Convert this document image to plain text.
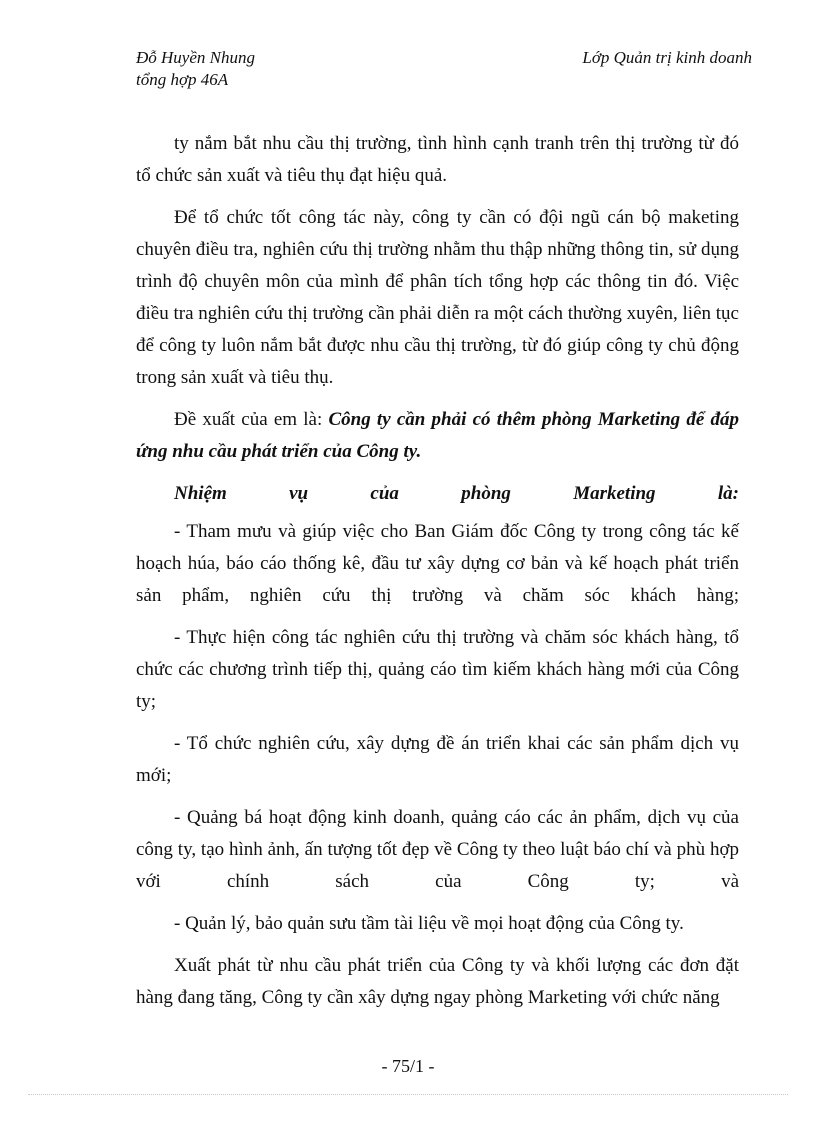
Đỗ Huyền Nhung
tổng hợp 46A
Lớp Quản trị kinh doanh

ty nắm bắt nhu cầu thị trường, tình hình cạnh tranh trên thị trường từ đó tổ chức sản xuất và tiêu thụ đạt hiệu quả.

Để tổ chức tốt công tác này, công ty cần có đội ngũ cán bộ maketing chuyên điều tra, nghiên cứu thị trường nhằm thu thập những thông tin, sử dụng trình độ chuyên môn của mình để phân tích tổng hợp các thông tin đó. Việc điều tra nghiên cứu thị trường cần phải diễn ra một cách thường xuyên, liên tục để công ty luôn nắm bắt được nhu cầu thị trường, từ đó giúp công ty chủ động trong sản xuất và tiêu thụ.

Đề xuất của em là: Công ty cần phải có thêm phòng Marketing để đáp ứng nhu cầu phát triển của Công ty.

Nhiệm vụ của phòng Marketing là:

- Tham mưu và giúp việc cho Ban Giám đốc Công ty trong công tác kế hoạch húa, báo cáo thống kê, đầu tư xây dựng cơ bản và kế hoạch phát triển sản phẩm, nghiên cứu thị trường và chăm sóc khách hàng;

- Thực hiện công tác nghiên cứu thị trường và chăm sóc khách hàng, tổ chức các chương trình tiếp thị, quảng cáo tìm kiếm khách hàng mới của Công ty;

- Tổ chức nghiên cứu, xây dựng đề án triển khai các sản phẩm dịch vụ mới;

- Quảng bá hoạt động kinh doanh, quảng cáo các ản phẩm, dịch vụ của công ty, tạo hình ảnh, ấn tượng tốt đẹp về Công ty theo luật báo chí và phù hợp với chính sách của Công ty; và

- Quản lý, bảo quản sưu tầm tài liệu về mọi hoạt động của Công ty.

Xuất phát từ nhu cầu phát triển của Công ty và khối lượng các đơn đặt hàng đang tăng, Công ty cần xây dựng ngay phòng Marketing với chức năng

- 75/1 -
